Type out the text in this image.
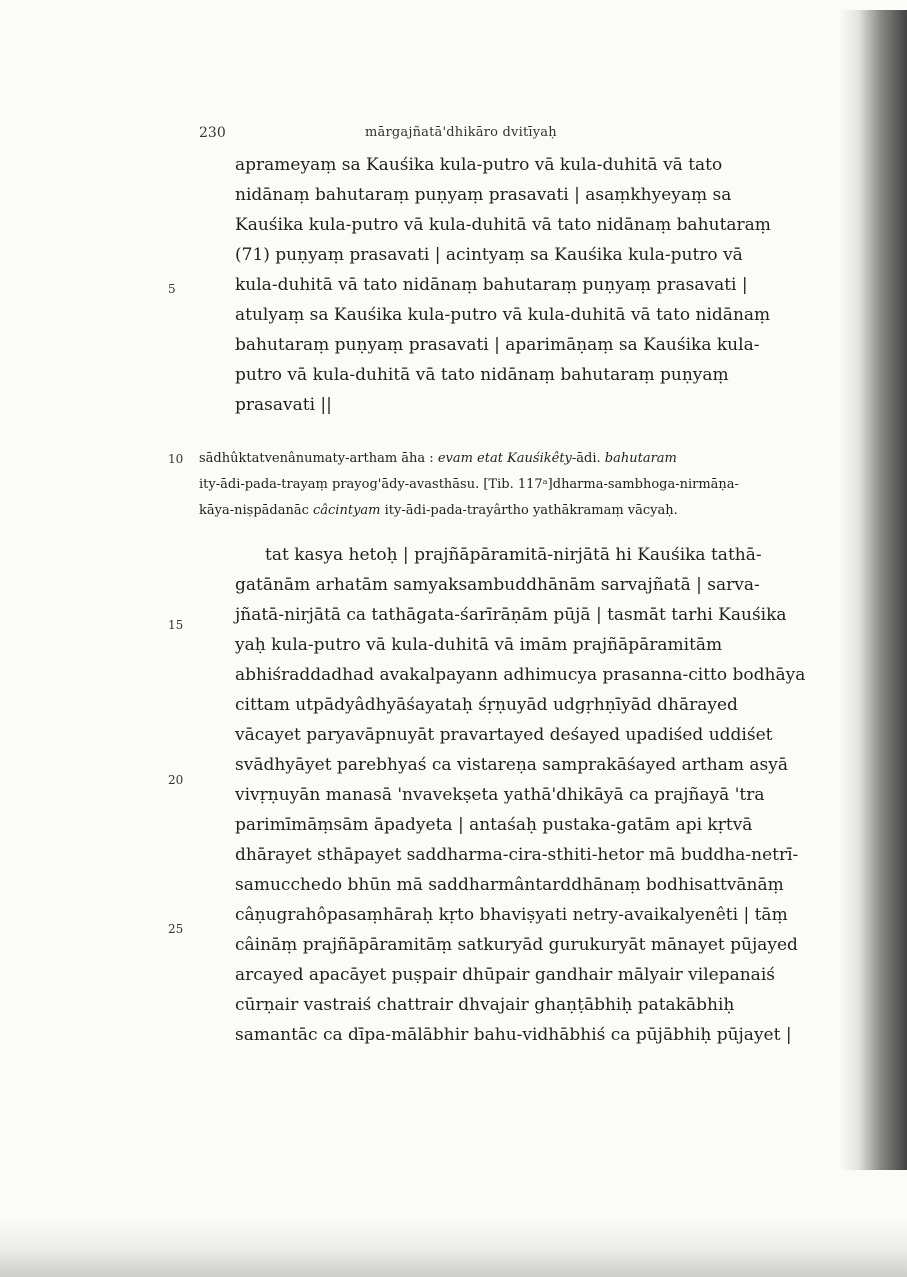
230	mārgajñatā'dhikāro dvitīyaḥ
5
10
15
20
25
aprameyaṃ sa Kauśika kula-putro vā kula-duhitā vā tato
nidānaṃ bahutaraṃ puṇyaṃ prasavati | asaṃkhyeyaṃ sa
Kauśika kula-putro vā kula-duhitā vā tato nidānaṃ bahutaraṃ
(71) puṇyaṃ prasavati | acintyaṃ sa Kauśika kula-putro vā
kula-duhitā vā tato nidānaṃ bahutaraṃ puṇyaṃ prasavati |
atulyaṃ sa Kauśika kula-putro vā kula-duhitā vā tato nidānaṃ
bahutaraṃ puṇyaṃ prasavati | aparimāṇaṃ sa Kauśika kula-
putro vā kula-duhitā vā tato nidānaṃ bahutaraṃ puṇyaṃ
prasavati ||
sādhûktatvenânumaty-artham āha : evam etat Kauśikêty-ādi. bahutaram
ity-ādi-pada-trayaṃ prayog'ādy-avasthāsu. [Tib. 117ᵃ]dharma-sambhoga-nirmāṇa-
kāya-niṣpādanāc câcintyam ity-ādi-pada-trayârtho yathākramaṃ vācyaḥ.
tat kasya hetoḥ | prajñāpāramitā-nirjātā hi Kauśika tathā-
gatānām arhatām samyaksambuddhānām sarvajñatā | sarva-
jñatā-nirjātā ca tathāgata-śarīrāṇām pūjā | tasmāt tarhi Kauśika
yaḥ kula-putro vā kula-duhitā vā imām prajñāpāramitām
abhiśraddadhad avakalpayann adhimucya prasanna-citto bodhāya
cittam utpādyâdhyāśayataḥ śṛṇuyād udgṛhṇīyād dhārayed
vācayet paryavāpnuyāt pravartayed deśayed upadiśed uddiśet
svādhyāyet parebhyaś ca vistareṇa samprakāśayed artham asyā
vivṛṇuyān manasā 'nvavekṣeta yathā'dhikāyā ca prajñayā 'tra
parimīmāṃsām āpadyeta | antaśaḥ pustaka-gatām api kṛtvā
dhārayet sthāpayet saddharma-cira-sthiti-hetor mā buddha-netrī-
samucchedo bhūn mā saddharmântarddhānaṃ bodhisattvānāṃ
câṇugrahôpasaṃhāraḥ kṛto bhaviṣyati netry-avaikalyenêti | tāṃ
câināṃ prajñāpāramitāṃ satkuryād gurukuryāt mānayet pūjayed
arcayed apacāyet puṣpair dhūpair gandhair mālyair vilepanaiś
cūrṇair vastraiś chattrair dhvajair ghaṇṭābhiḥ patakābhiḥ
samantāc ca dīpa-mālābhir bahu-vidhābhiś ca pūjābhiḥ pūjayet |
